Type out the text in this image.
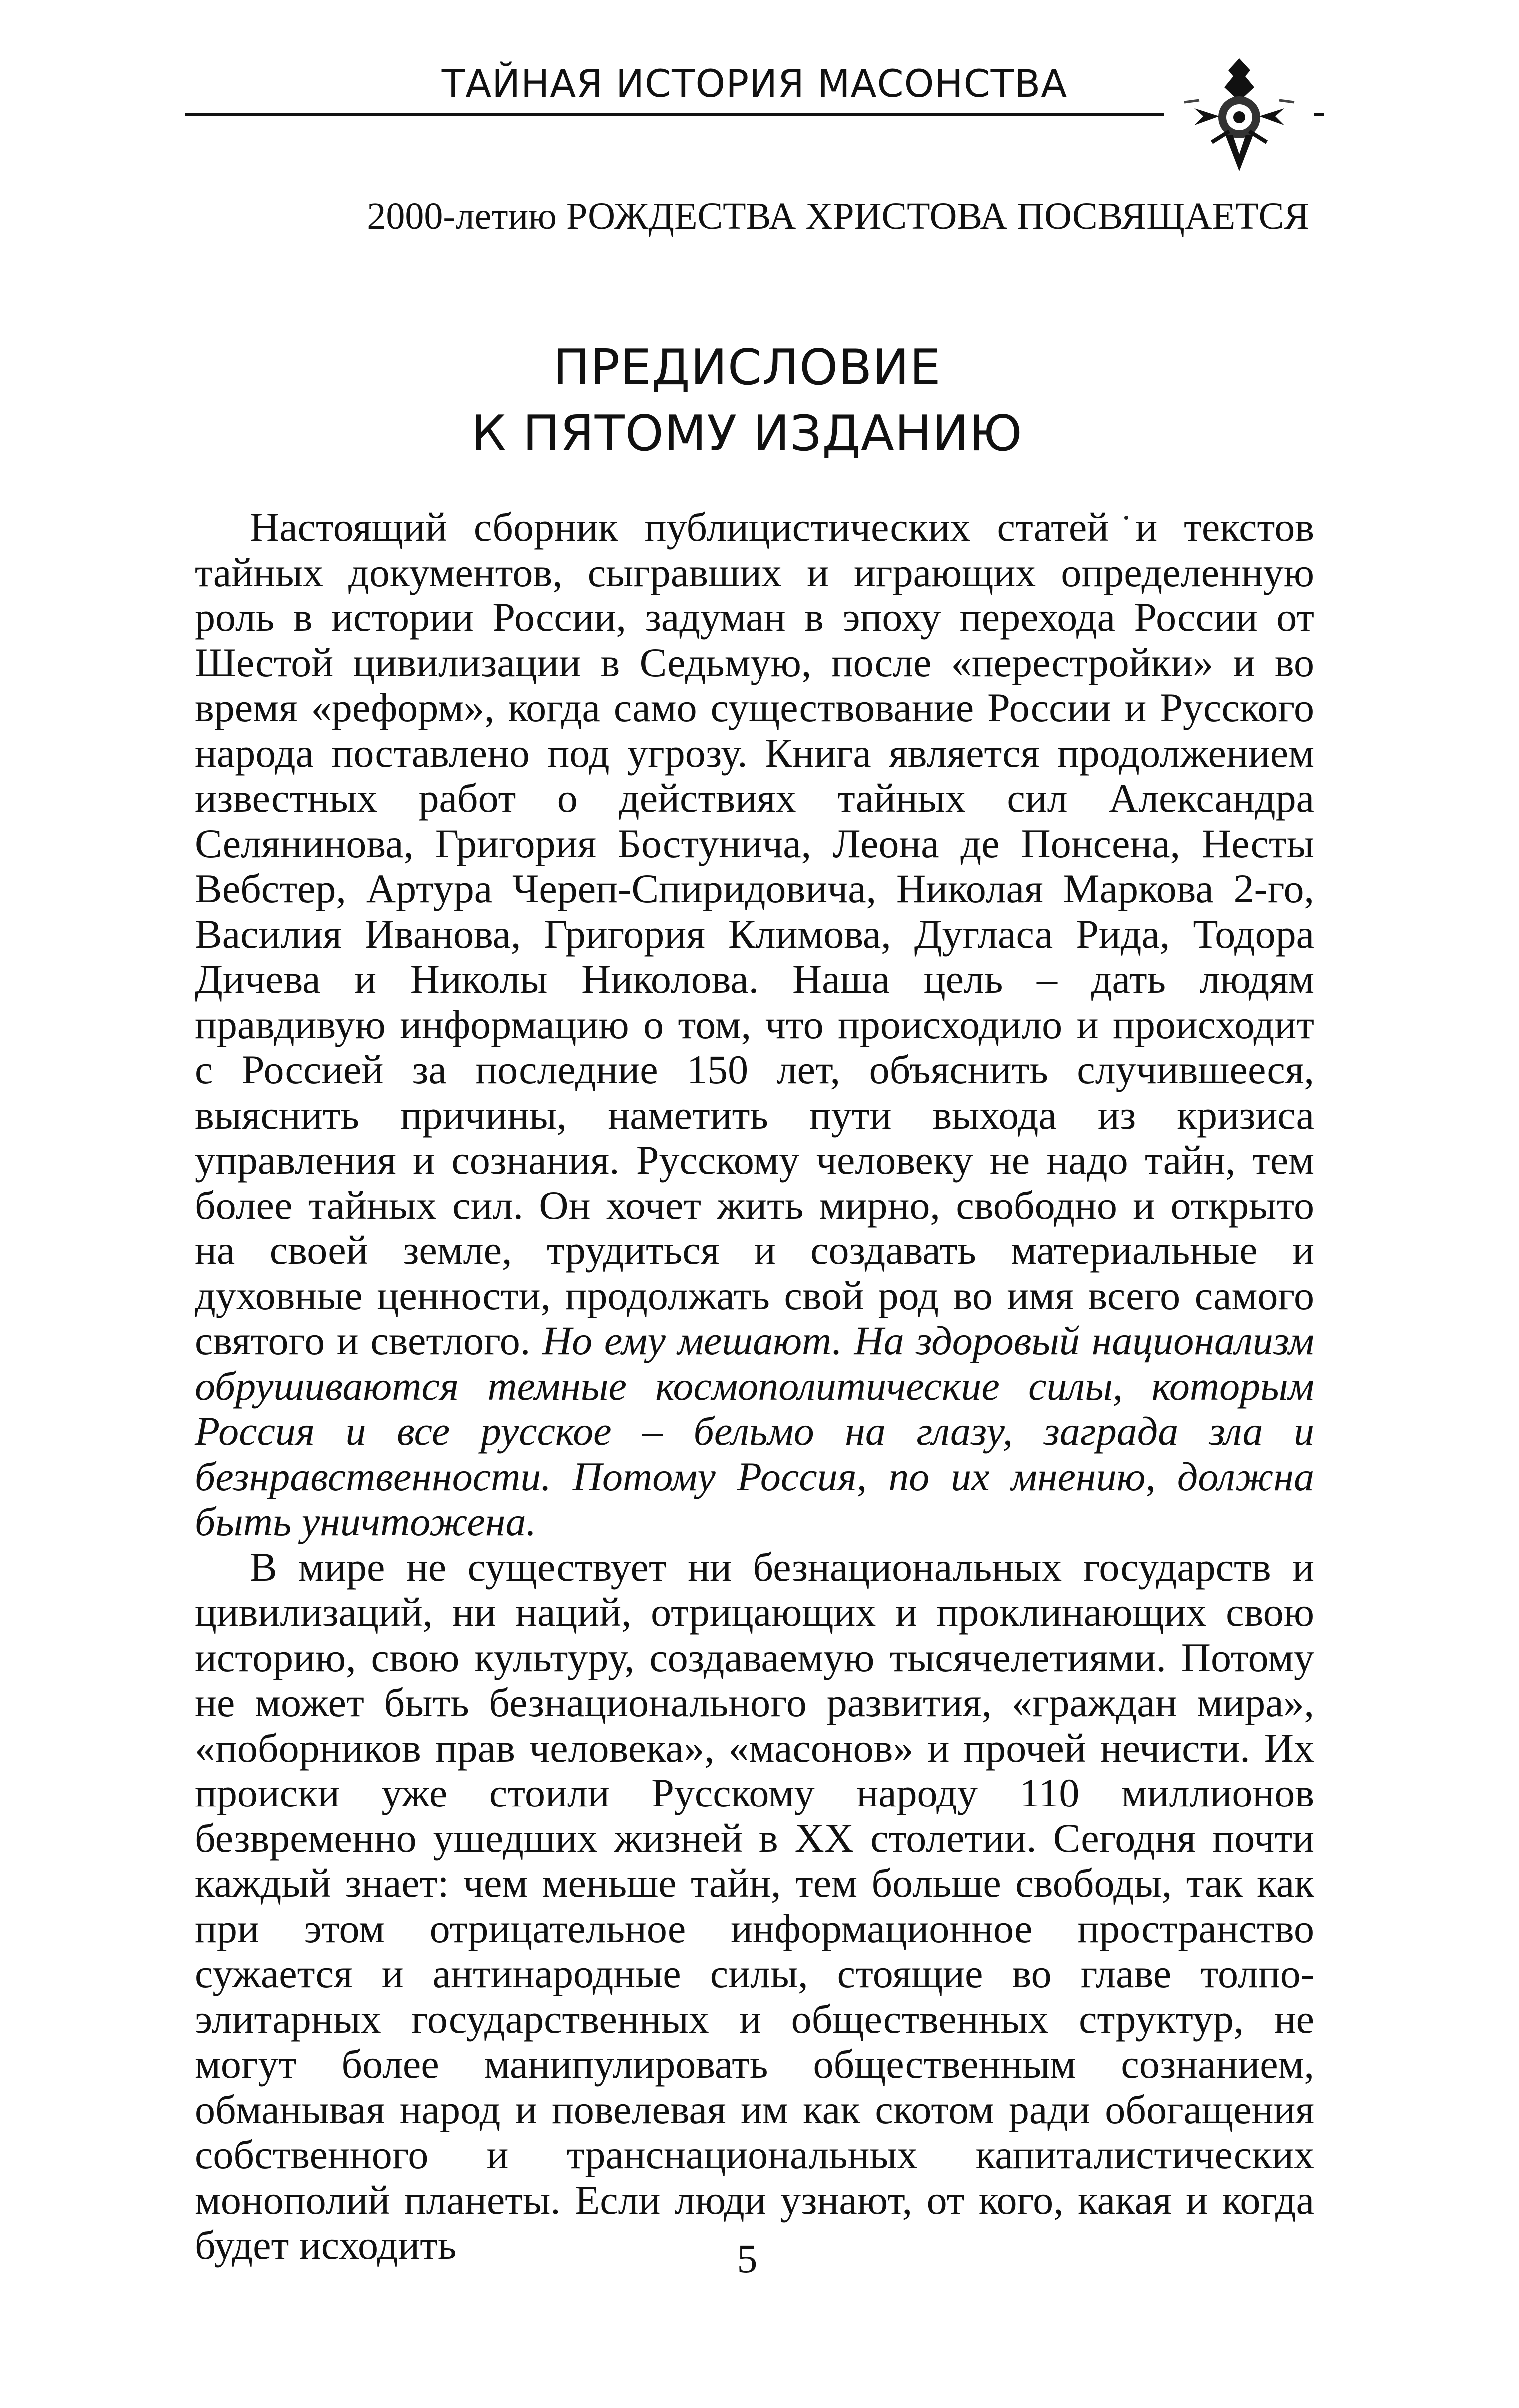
ТАЙНАЯ ИСТОРИЯ МАСОНСТВА
2000-летию РОЖДЕСТВА ХРИСТОВА ПОСВЯЩАЕТСЯ
ПРЕДИСЛОВИЕ
К ПЯТОМУ ИЗДАНИЮ

Настоящий сборник публицистических статей и текстов тайных документов, сыгравших и играющих определенную роль в истории России, задуман в эпоху перехода России от Шестой цивилизации в Седьмую, после «перестройки» и во время «реформ», когда само существование России и Русского народа поставлено под угрозу. Книга является продолжением известных работ о действиях тайных сил Александра Селянинова, Григория Бостунича, Леона де Понсена, Несты Вебстер, Артура Череп-Спиридовича, Николая Маркова 2-го, Василия Иванова, Григория Климова, Дугласа Рида, Тодора Дичева и Николы Николова. Наша цель – дать людям правдивую информацию о том, что происходило и происходит с Россией за последние 150 лет, объяснить случившееся, выяснить причины, наметить пути выхода из кризиса управления и сознания. Русскому человеку не надо тайн, тем более тайных сил. Он хочет жить мирно, свободно и открыто на своей земле, трудиться и создавать материальные и духовные ценности, продолжать свой род во имя всего самого святого и светлого. Но ему мешают. На здоровый национализм обрушиваются темные космополитические силы, которым Россия и все русское – бельмо на глазу, заграда зла и безнравственности. Потому Россия, по их мнению, должна быть уничтожена.

В мире не существует ни безнациональных государств и цивилизаций, ни наций, отрицающих и проклинающих свою историю, свою культуру, создаваемую тысячелетиями. Потому не может быть безнационального развития, «граждан мира», «поборников прав человека», «масонов» и прочей нечисти. Их происки уже стоили Русскому народу 110 миллионов безвременно ушедших жизней в XX столетии. Сегодня почти каждый знает: чем меньше тайн, тем больше свободы, так как при этом отрицательное информационное пространство сужается и антинародные силы, стоящие во главе толпо-элитарных государственных и общественных структур, не могут более манипулировать общественным сознанием, обманывая народ и повелевая им как скотом ради обогащения собственного и транснациональных капиталистических монополий планеты. Если люди узнают, от кого, какая и когда будет исходить	5
